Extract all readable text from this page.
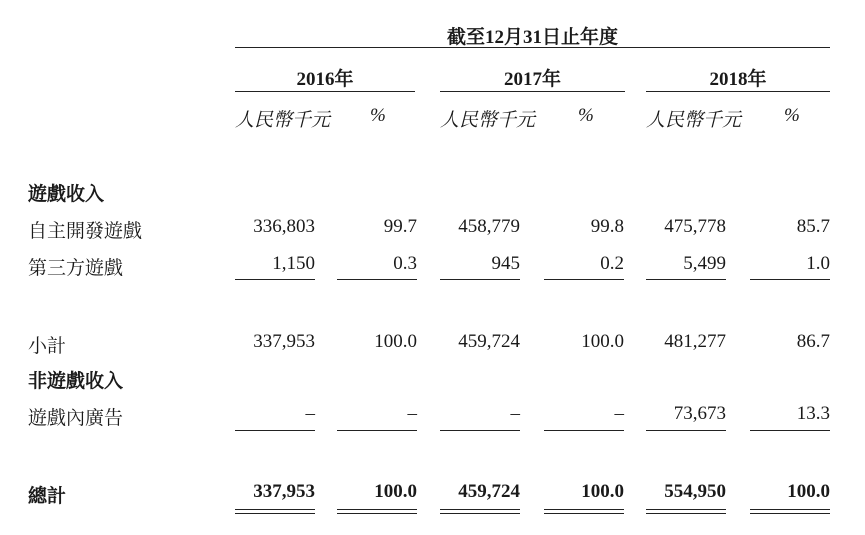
截至12月31日止年度
2016年	2017年	2018年
人民幣千元 %	人民幣千元 %	人民幣千元 %
遊戲收入
自主開發遊戲	336,803	99.7	458,779	99.8	475,778	85.7
第三方遊戲	1,150	0.3	945	0.2	5,499	1.0
小計	337,953	100.0	459,724	100.0	481,277	86.7
非遊戲收入
遊戲內廣告	–	–	–	–	73,673	13.3
總計	337,953	100.0	459,724	100.0	554,950	100.0
